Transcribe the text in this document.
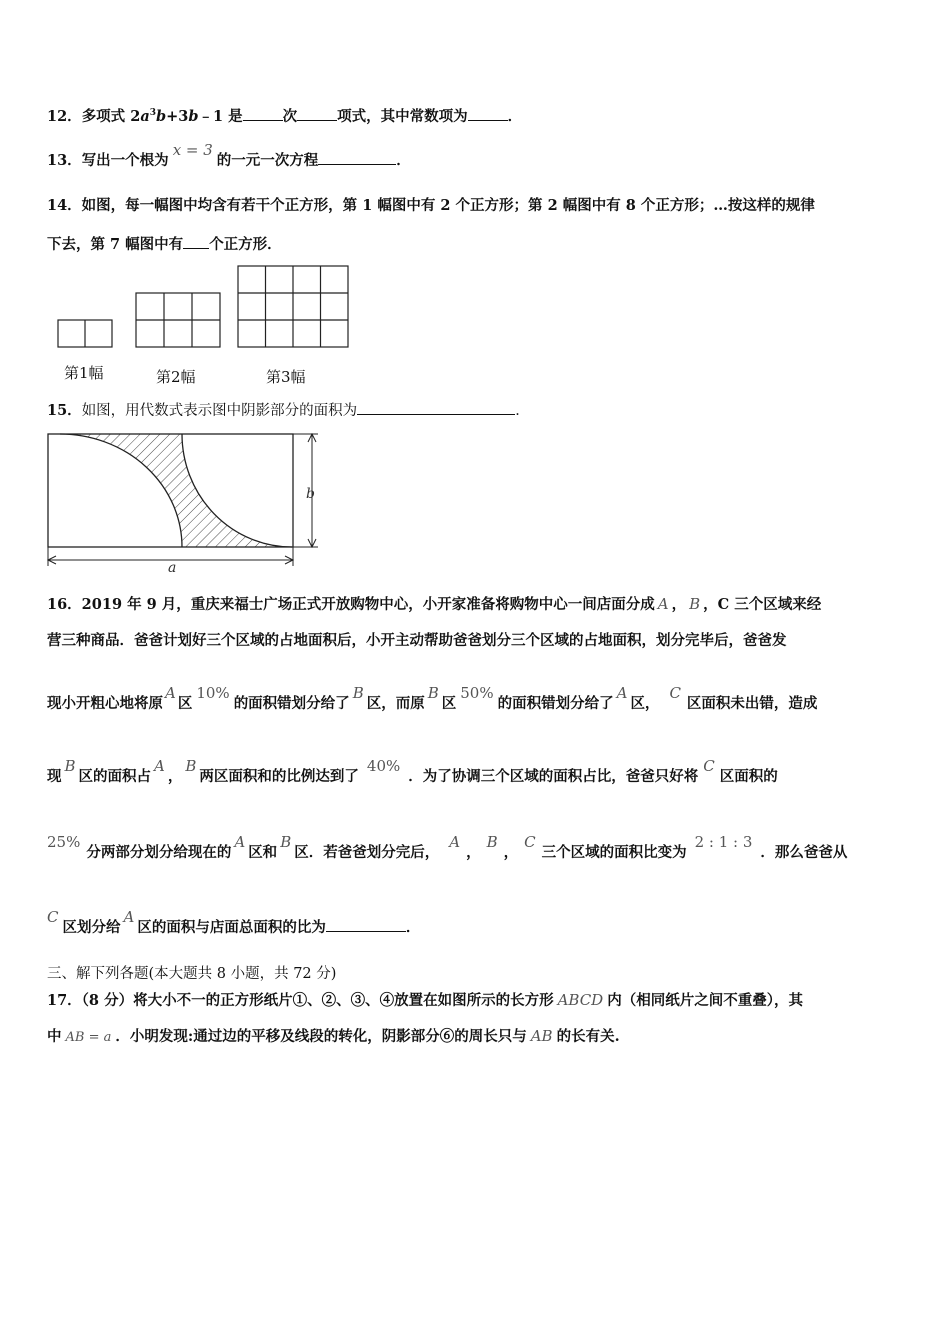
12．多项式 $2a^3b+3b﹣1$ 是	次	项式，其中常数项为	．
13．写出一个根为x = 3的一元一次方程	．
14．如图，每一幅图中均含有若干个正方形，第 1 幅图中有 2 个正方形；第 2 幅图中有 8 个正方形；…按这样的规律
下去，第 7 幅图中有 个正方形．
第1幅	第2幅	第3幅
15．如图，用代数式表示图中阴影部分的面积为	．
b
a
16．2019 年 9 月，重庆来福士广场正式开放购物中心，小开家准备将购物中心一间店面分成 A ， B ，C 三个区域来经
营三种商品．爸爸计划好三个区域的占地面积后，小开主动帮助爸爸划分三个区域的占地面积，划分完毕后，爸爸发
现小开粗心地将原A区10%的面积错划分给了B区，而原B区50%的面积错划分给了A区，C区面积未出错，造成
现B区的面积占A，B两区面积和的比例达到了40%．为了协调三个区域的面积占比，爸爸只好将C区面积的
25%分两部分划分给现在的A区和B区．若爸爸划分完后，A，B，C三个区域的面积比变为2 : 1 : 3．那么爸爸从
C区划分给A区的面积与店面总面积的比为	．
三、解下列各题(本大题共 8 小题，共 72 分)
17．（8 分）将大小不一的正方形纸片①、②、③、④放置在如图所示的长方形 ABCD 内（相同纸片之间不重叠），其
中 AB = a ．小明发现:通过边的平移及线段的转化，阴影部分⑥的周长只与 AB 的长有关.
